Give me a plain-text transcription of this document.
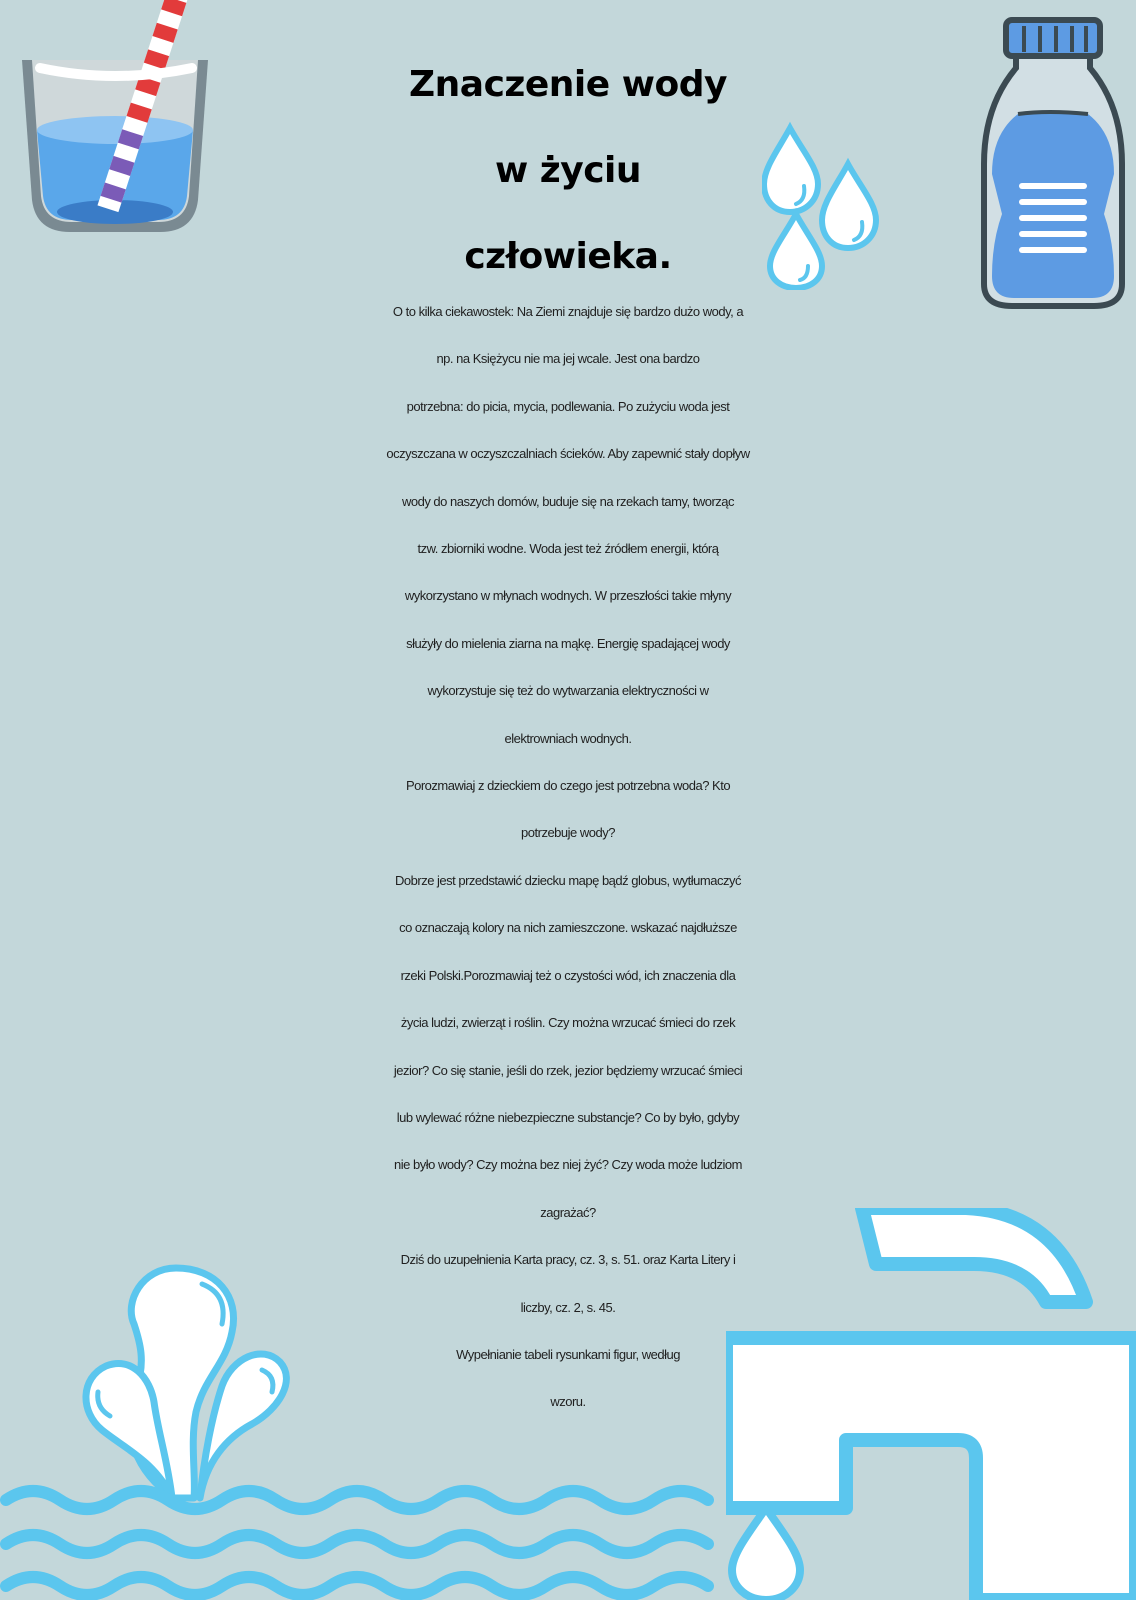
Znaczenie wody
w życiu
człowieka.
O to kilka ciekawostek: Na Ziemi znajduje się bardzo dużo wody, a
np. na Księżycu nie ma jej wcale. Jest ona bardzo
potrzebna: do picia, mycia, podlewania. Po zużyciu woda jest
oczyszczana w oczyszczalniach ścieków. Aby zapewnić stały dopływ
wody do naszych domów, buduje się na rzekach tamy, tworząc
tzw. zbiorniki wodne. Woda jest też źródłem energii, którą
wykorzystano w młynach wodnych. W przeszłości takie młyny
służyły do mielenia ziarna na mąkę. Energię spadającej wody
wykorzystuje się też do wytwarzania elektryczności w
elektrowniach wodnych.
Porozmawiaj z dzieckiem do czego jest potrzebna woda? Kto
potrzebuje wody?
Dobrze jest przedstawić dziecku mapę bądź globus, wytłumaczyć
co oznaczają kolory na nich zamieszczone. wskazać najdłuższe
rzeki Polski.Porozmawiaj też o czystości wód, ich znaczenia dla
życia ludzi, zwierząt i roślin. Czy można wrzucać śmieci do rzek
jezior? Co się stanie, jeśli do rzek, jezior będziemy wrzucać śmieci
lub wylewać różne niebezpieczne substancje? Co by było, gdyby
nie było wody? Czy można bez niej żyć? Czy woda może ludziom
zagrażać?
Dziś do uzupełnienia Karta pracy, cz. 3, s. 51. oraz Karta Litery i
liczby, cz. 2, s. 45.
Wypełnianie tabeli rysunkami figur, według
wzoru.
